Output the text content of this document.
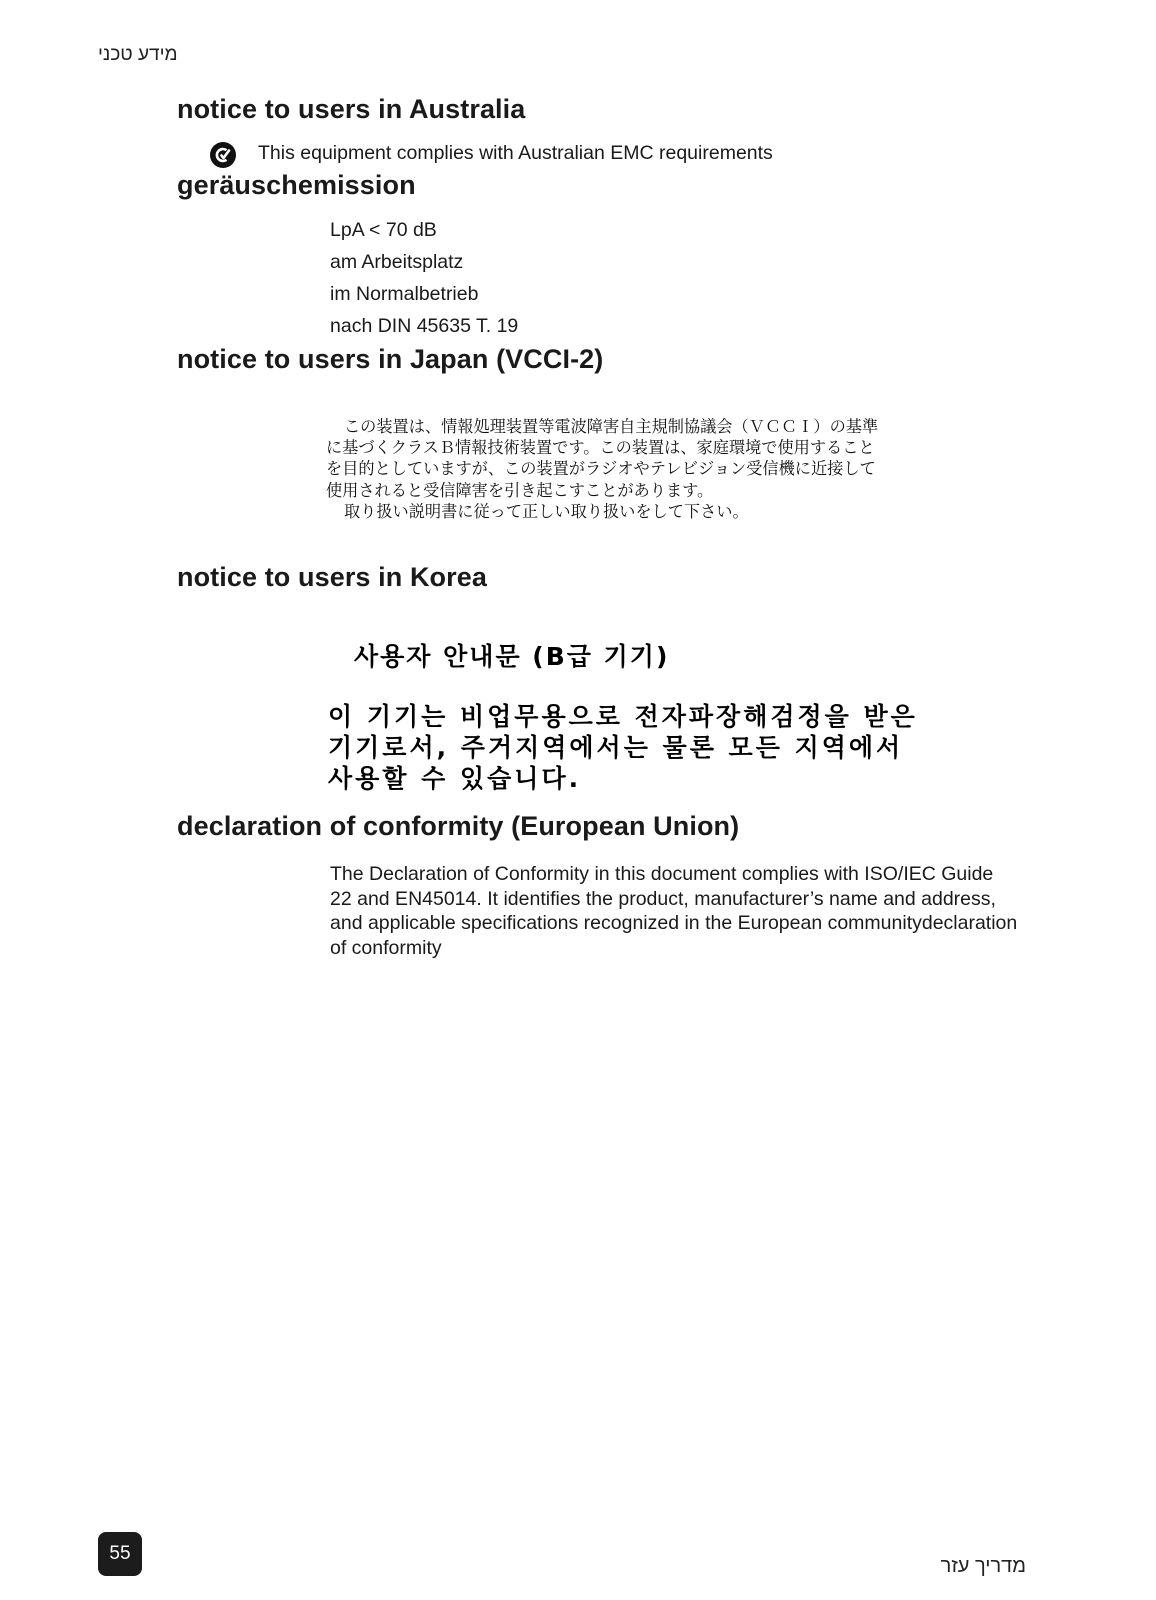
מידע טכני
notice to users in Australia
This equipment complies with Australian EMC requirements
geräuschemission
LpA < 70 dB
am Arbeitsplatz
im Normalbetrieb
nach DIN 45635 T. 19
notice to users in Japan (VCCI-2)
この装置は、情報処理装置等電波障害自主規制協議会（ＶＣＣＩ）の基準
に基づくクラスＢ情報技術装置です。この装置は、家庭環境で使用すること
を目的としていますが、この装置がラジオやテレビジョン受信機に近接して
使用されると受信障害を引き起こすことがあります。
取り扱い説明書に従って正しい取り扱いをして下さい。
notice to users in Korea
사용자 안내문 (B급 기기)
이 기기는 비업무용으로 전자파장해검정을 받은
기기로서, 주거지역에서는 물론 모든 지역에서
사용할 수 있습니다.
declaration of conformity (European Union)

The Declaration of Conformity in this document complies with ISO/IEC Guide 22 and EN45014. It identifies the product, manufacturer’s name and address, and applicable specifications recognized in the European communitydeclaration of conformity

55
מדריך עזר
